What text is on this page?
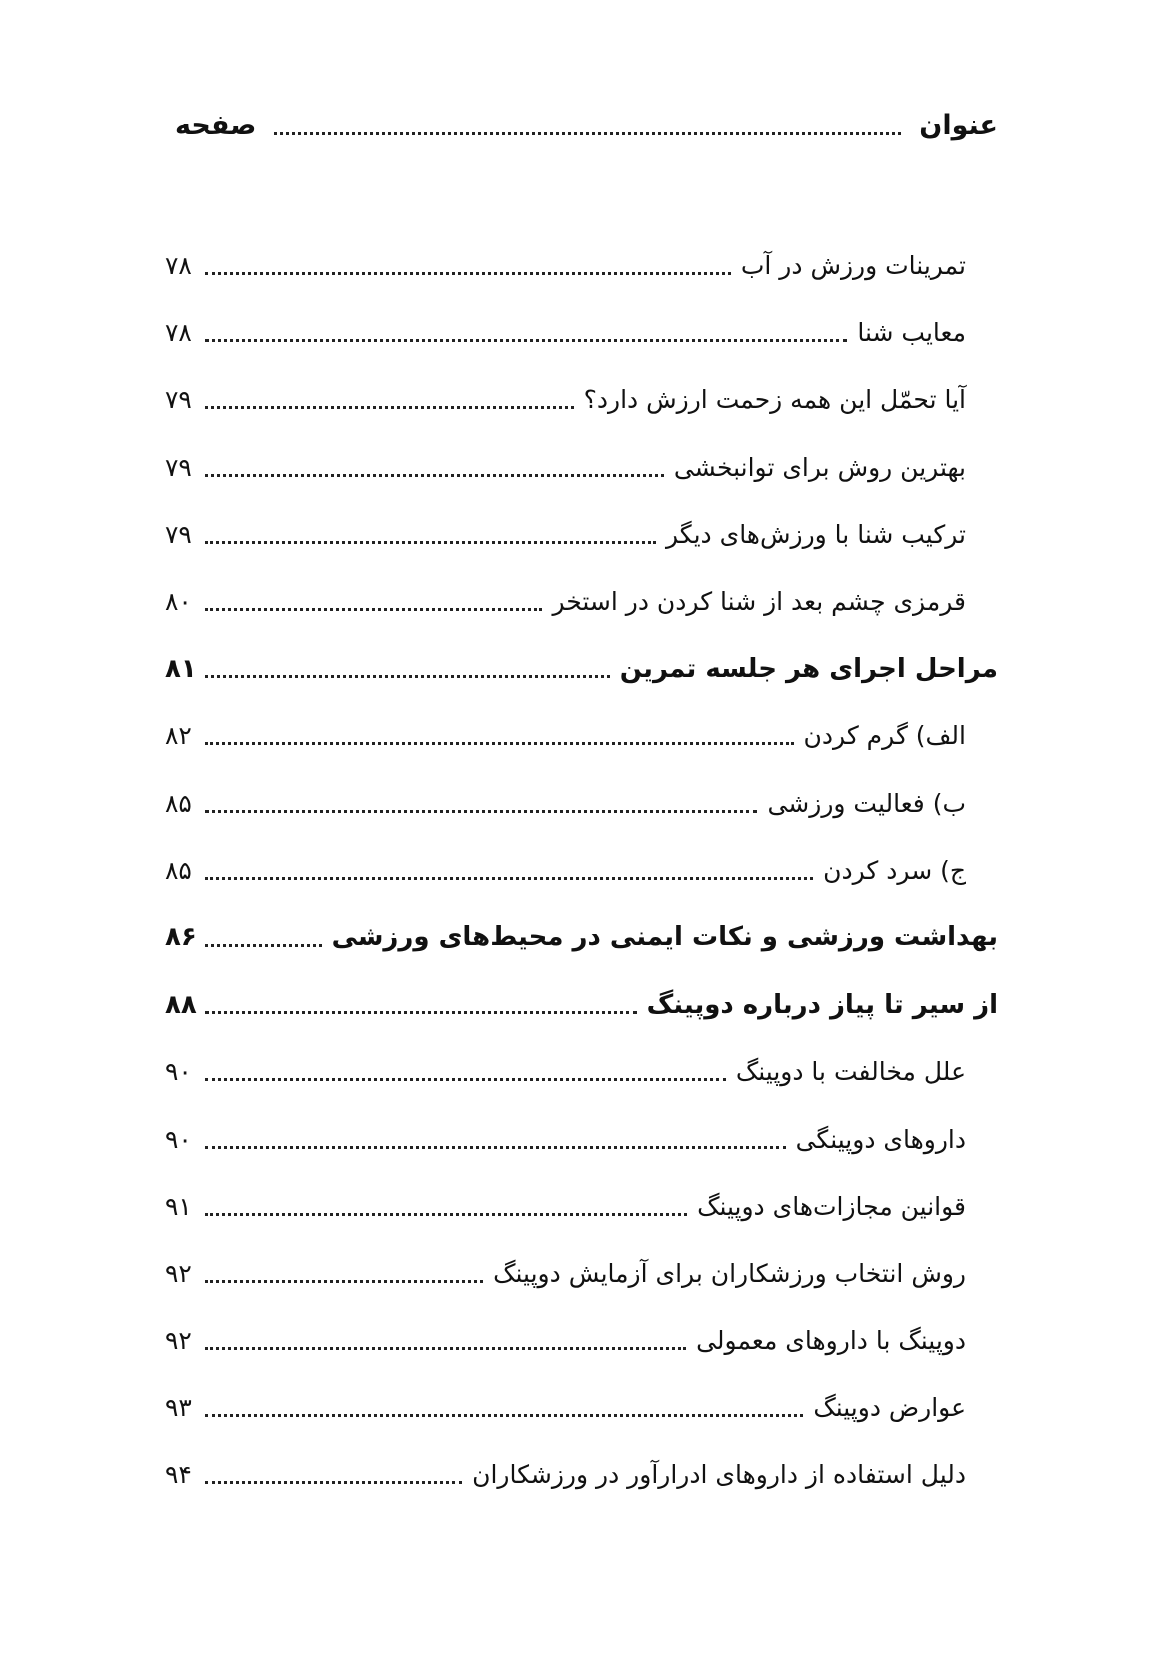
عنوان
صفحه
تمرینات ورزش در آب
۷۸
معایب شنا
۷۸
آیا تحمّل این همه زحمت ارزش دارد؟
۷۹
بهترین روش برای توانبخشی
۷۹
ترکیب شنا با ورزش‌های دیگر
۷۹
قرمزی چشم بعد از شنا کردن در استخر
۸۰
مراحل اجرای هر جلسه تمرین
۸۱
الف) گرم کردن
۸۲
ب) فعالیت ورزشی
۸۵
ج) سرد کردن
۸۵
بهداشت ورزشی و نکات ایمنی در محیط‌های ورزشی
۸۶
از سیر تا پیاز درباره دوپینگ
۸۸
علل مخالفت با دوپینگ
۹۰
داروهای دوپینگی
۹۰
قوانین مجازات‌های دوپینگ
۹۱
روش انتخاب ورزشکاران برای آزمایش دوپینگ
۹۲
دوپینگ با داروهای معمولی
۹۲
عوارض دوپینگ
۹۳
دلیل استفاده از داروهای ادرارآور در ورزشکاران
۹۴
